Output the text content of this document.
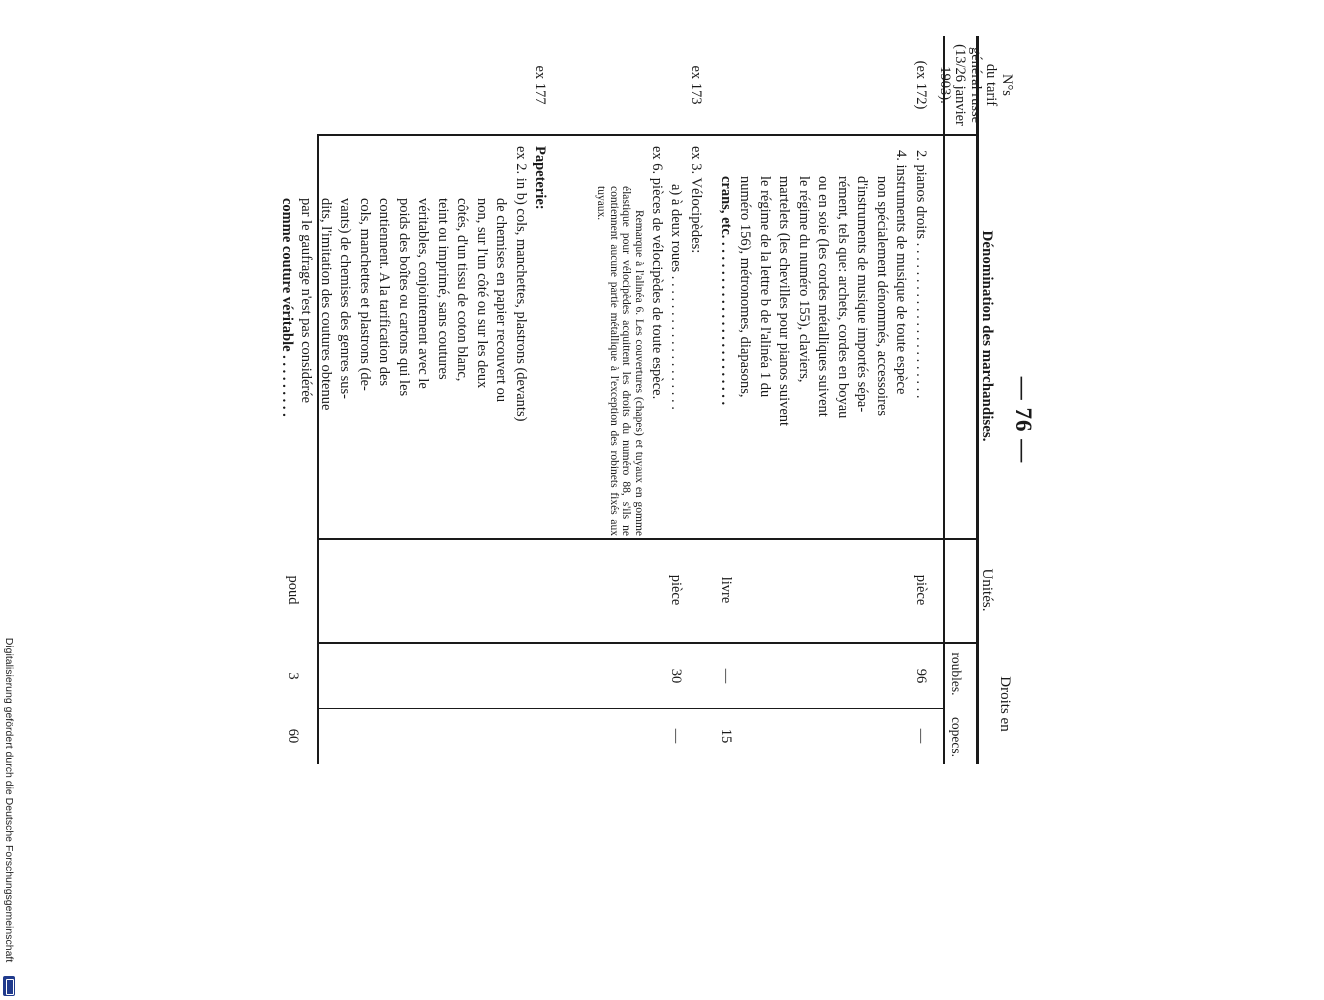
Digitalisierung gefördert durch die Deutsche Forschungsgemeinschaft
— 76 —
N°s
du tarif
général russe
(13/26 janvier
1903).
Dénomination des marchandises.
Unités.
Droits en
roubles.
copecs.
(ex 172)
2. pianos droits . . . . . . . . . . . . . . . . . . . . . .
4. instruments de musique de toute espèce
non spécialement dénommés, accessoires
d'instruments de musique importés sépa-
rément, tels que: archets, cordes en boyau
ou en soie (les cordes métalliques suivent
le régime du numéro 155), claviers,
martelets (les chevilles pour pianos suivent
le régime de la lettre b de l'alinéa 1 du
numéro 156), métronomes, diapasons,
crans, etc. . . . . . . . . . . . . . . . . . . . . . . .
pièce
96
—
livre
—
15
ex 173
ex 3. Vélocipèdes:
a) à deux roues . . . . . . . . . . . . . . . . . . .
ex 6. pièces de vélocipèdes de toute espèce.
pièce
30
—
Remarque à l'alinéa 6. Les couvertures (chapes) et tuyaux en gomme élastique pour vélocipèdes acquittent les droits du numéro 88, s'ils ne contiennent aucune partie métallique à l'exception des robinets fixés aux tuyaux.
ex 177
Papeterie:
ex 2. in b) cols, manchettes, plastrons (devants)
de chemises en papier recouvert ou
non, sur l'un côté ou sur les deux
côtés, d'un tissu de coton blanc,
teint ou imprimé, sans coutures
véritables, conjointement avec le
poids des boîtes ou cartons qui les
contiennent. A la tarification des
cols, manchettes et plastrons (de-
vants) de chemises des genres sus-
dits, l'imitation des coutures obtenue
par le gaufrage n'est pas considérée
comme couture véritable . . . . . . . . .
poud
3
60
